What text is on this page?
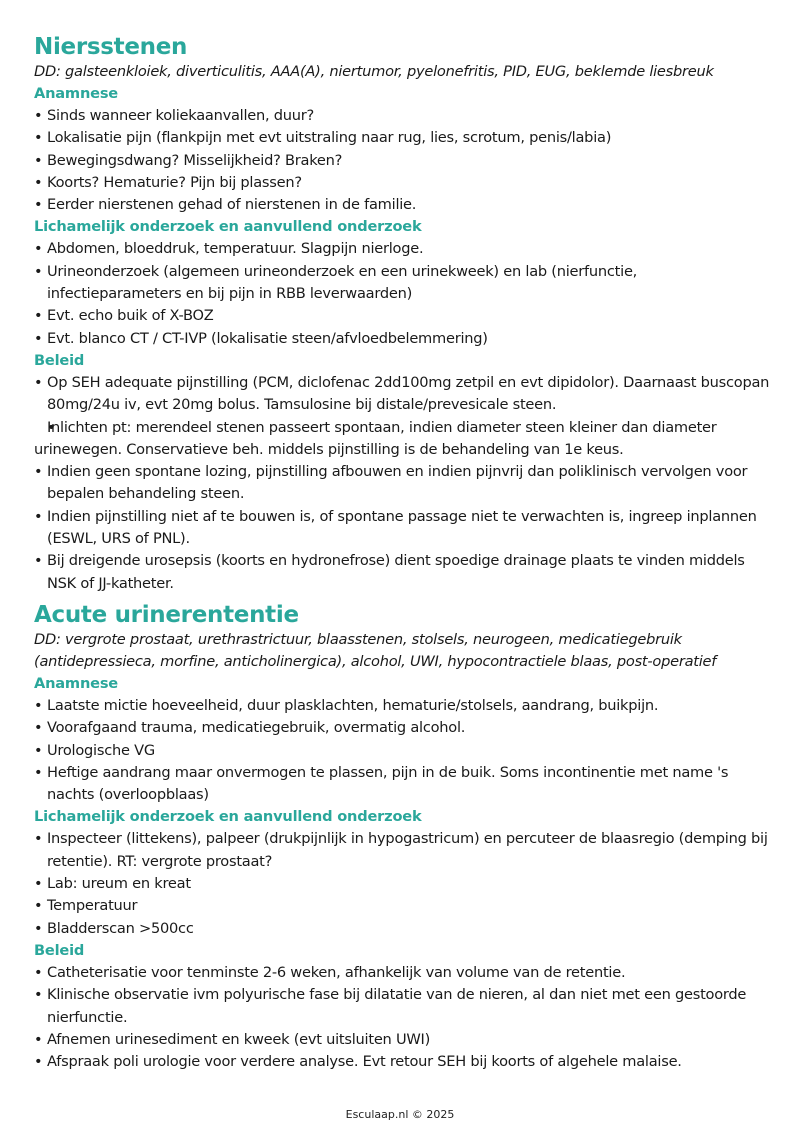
Niersstenen

DD: galsteenkloiek, diverticulitis, AAA(A), niertumor, pyelonefritis, PID, EUG, beklemde liesbreuk

Anamnese
• Sinds wanneer koliekaanvallen, duur?
• Lokalisatie pijn (flankpijn met evt uitstraling naar rug, lies, scrotum, penis/labia)
• Bewegingsdwang? Misselijkheid? Braken?
• Koorts? Hematurie? Pijn bij plassen?
• Eerder nierstenen gehad of nierstenen in de familie.
Lichamelijk onderzoek en aanvullend onderzoek
• Abdomen, bloeddruk, temperatuur. Slagpijn nierloge.
• Urineonderzoek (algemeen urineonderzoek en een urinekweek) en lab (nierfunctie, infectieparameters en bij pijn in RBB leverwaarden)
• Evt. echo buik of X-BOZ
• Evt. blanco CT / CT-IVP (lokalisatie steen/afvloedbelemmering)
Beleid
• Op SEH adequate pijnstilling (PCM, diclofenac 2dd100mg zetpil en evt dipidolor). Daarnaast buscopan 80mg/24u iv, evt 20mg bolus. Tamsulosine bij distale/prevesicale steen.
• Inlichten pt: merendeel stenen passeert spontaan, indien diameter steen kleiner dan diameter urinewegen. Conservatieve beh. middels pijnstilling is de behandeling van 1e keus.
• Indien geen spontane lozing, pijnstilling afbouwen en indien pijnvrij dan poliklinisch vervolgen voor bepalen behandeling steen.
• Indien pijnstilling niet af te bouwen is, of spontane passage niet te verwachten is, ingreep inplannen (ESWL, URS of PNL).
• Bij dreigende urosepsis (koorts en hydronefrose) dient spoedige drainage plaats te vinden middels NSK of JJ-katheter.
Acute urinerententie

DD: vergrote prostaat, urethrastrictuur, blaasstenen, stolsels, neurogeen, medicatiegebruik (antidepressieca, morfine, anticholinergica), alcohol, UWI, hypocontractiele blaas, post-operatief

Anamnese
• Laatste mictie hoeveelheid, duur plasklachten, hematurie/stolsels, aandrang, buikpijn.
• Voorafgaand trauma, medicatiegebruik, overmatig alcohol.
• Urologische VG
• Heftige aandrang maar onvermogen te plassen, pijn in de buik. Soms incontinentie met name 's nachts (overloopblaas)
Lichamelijk onderzoek en aanvullend onderzoek
• Inspecteer (littekens), palpeer (drukpijnlijk in hypogastricum) en percuteer de blaasregio (demping bij retentie). RT: vergrote prostaat?
• Lab: ureum en kreat
• Temperatuur
• Bladderscan >500cc
Beleid
• Catheterisatie voor tenminste 2-6 weken, afhankelijk van volume van de retentie.
• Klinische observatie ivm polyurische fase bij dilatatie van de nieren, al dan niet met een gestoorde nierfunctie.
• Afnemen urinesediment en kweek (evt uitsluiten UWI)
• Afspraak poli urologie voor verdere analyse. Evt retour SEH bij koorts of algehele malaise.
Esculaap.nl © 2025
